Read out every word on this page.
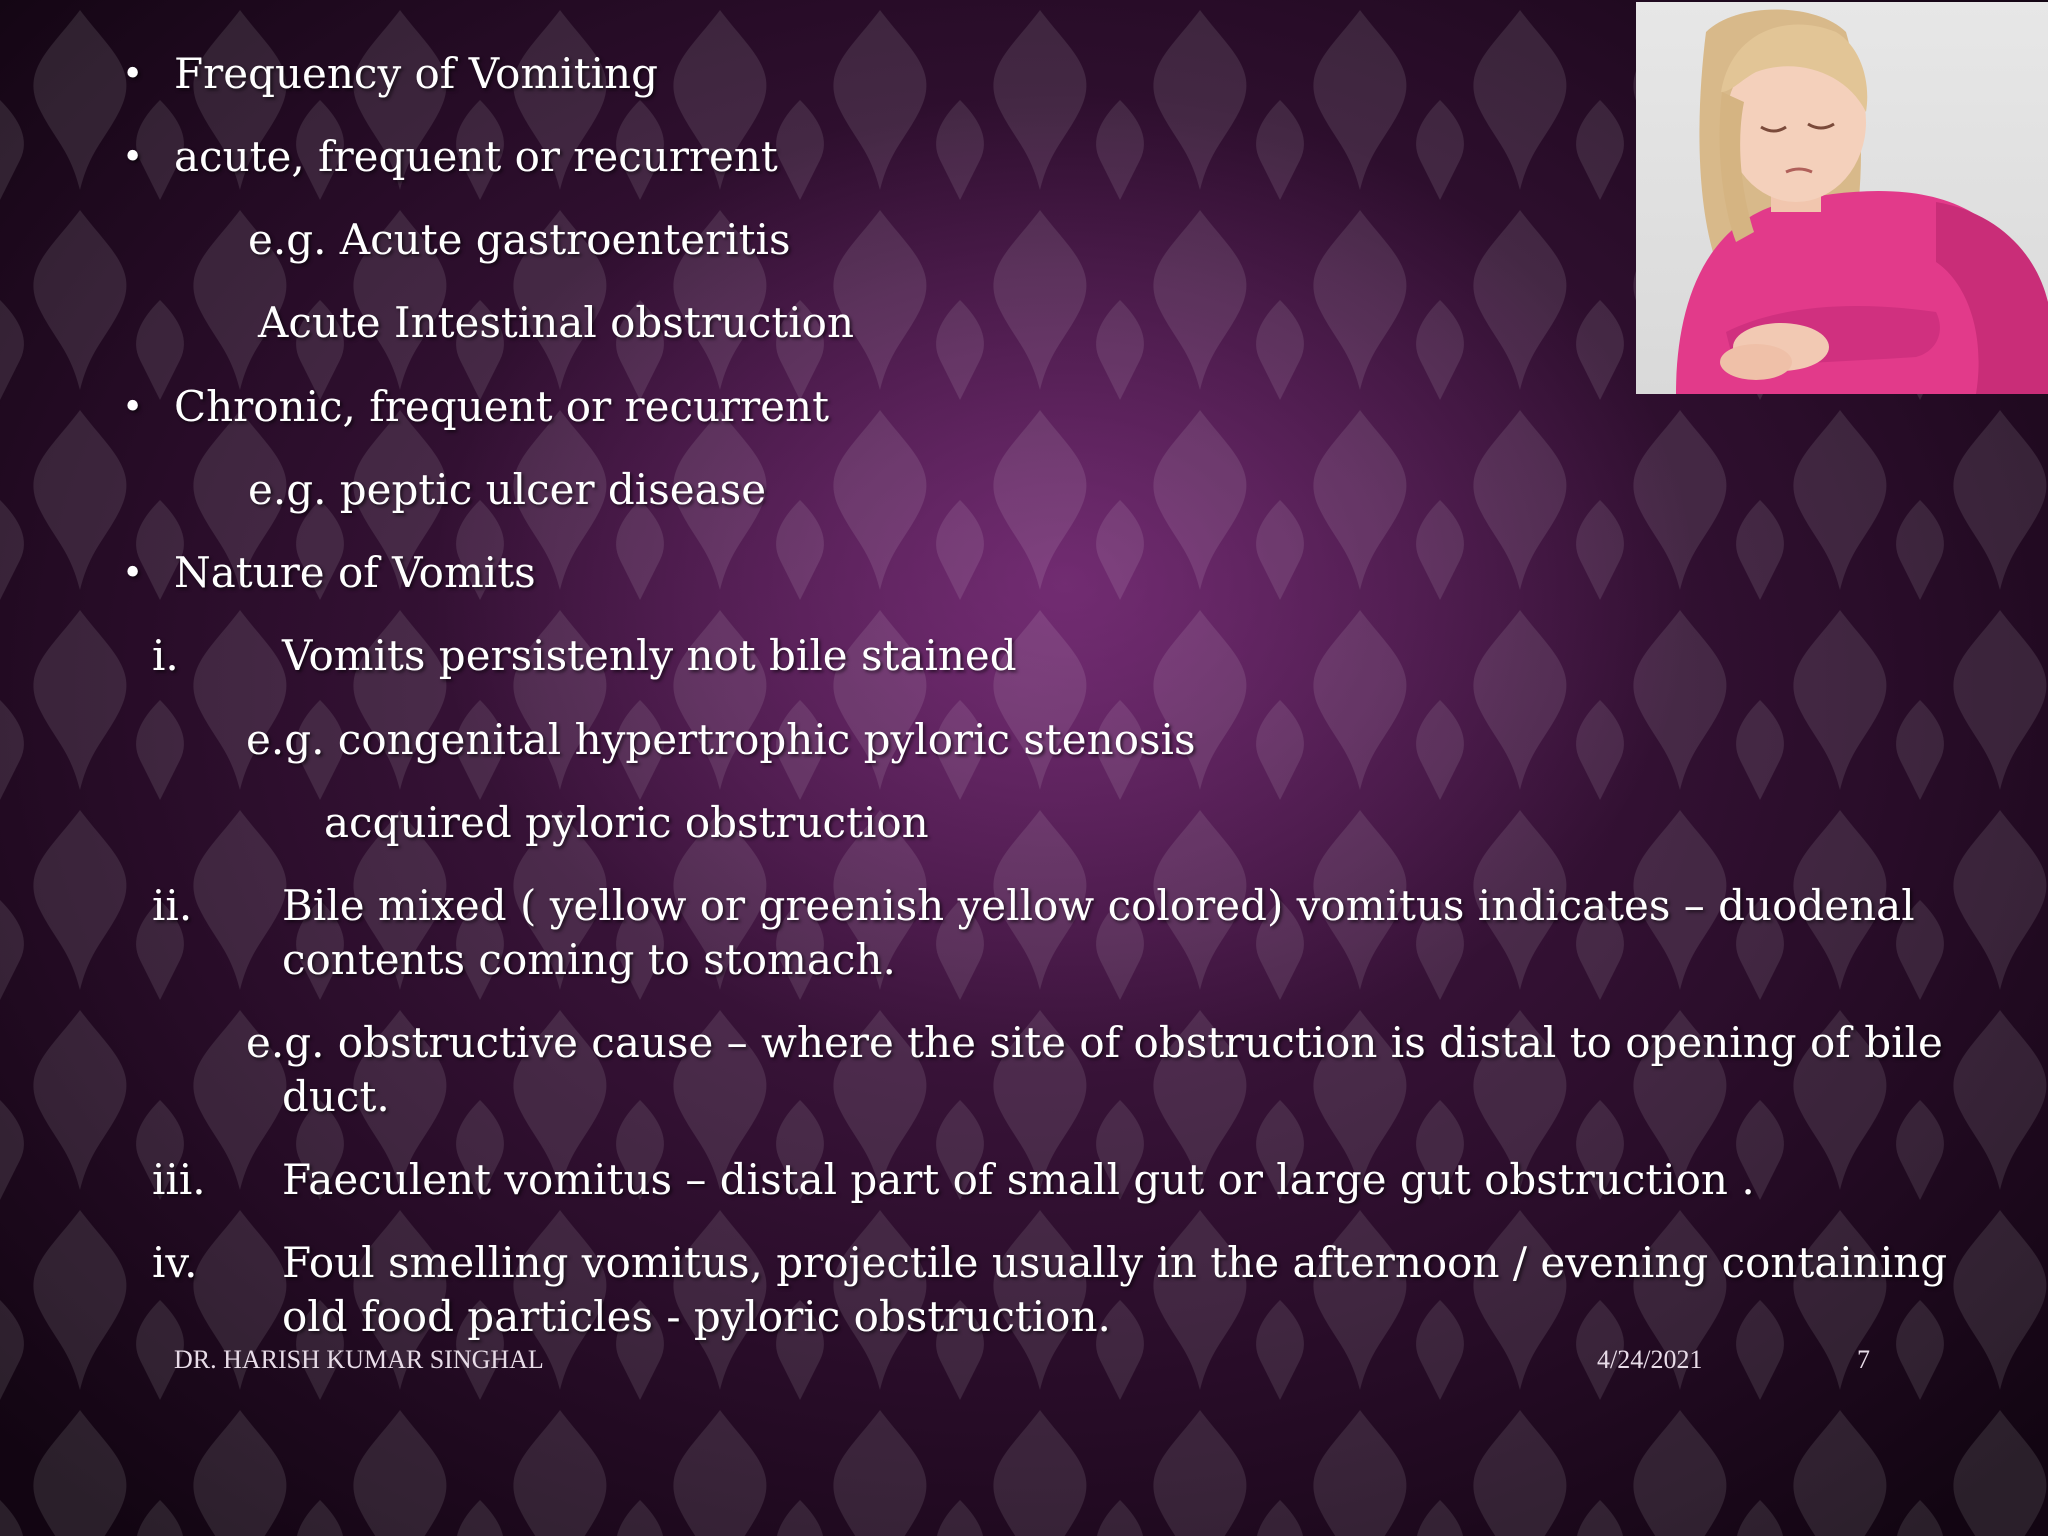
• Frequency of Vomiting
• acute, frequent or recurrent
e.g. Acute gastroenteritis
Acute Intestinal obstruction
• Chronic, frequent or recurrent
e.g. peptic ulcer disease
• Nature of Vomits
i. Vomits persistenly not bile stained
e.g. congenital hypertrophic pyloric stenosis
acquired pyloric obstruction
ii. Bile mixed ( yellow or greenish yellow colored) vomitus indicates – duodenal
contents coming to stomach.
e.g. obstructive cause – where the site of obstruction is distal to opening of bile
duct.
iii. Faeculent vomitus – distal part of small gut or large gut obstruction .
iv. Foul smelling vomitus, projectile usually in the afternoon / evening containing
old food particles - pyloric obstruction.
DR. HARISH KUMAR SINGHAL	4/24/2021	7
